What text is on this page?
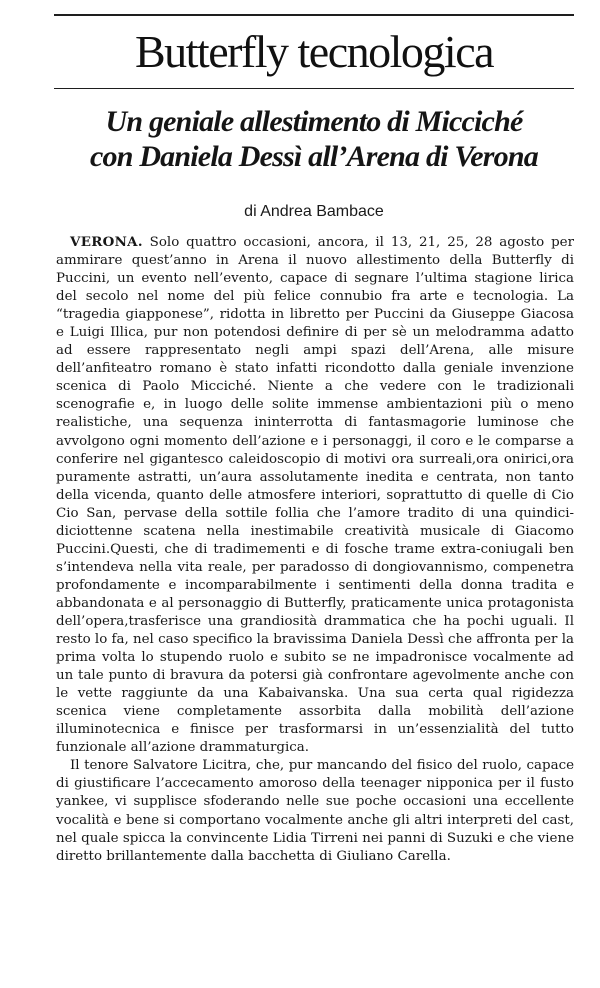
Butterfly tecnologica
Un geniale allestimento di Micciché
con Daniela Dessì all’Arena di Verona
di Andrea Bambace

VERONA. Solo quattro occasioni, ancora, il 13, 21, 25, 28 agosto per ammirare quest’anno in Arena il nuovo allestimento della Butterfly di Puccini, un evento nell’evento, capace di segnare l’ultima stagione lirica del secolo nel nome del più felice connubio fra arte e tecnologia. La “tragedia giapponese”, ridotta in libretto per Puccini da Giuseppe Giacosa e Luigi Illica, pur non potendosi definire di per sè un melodramma adatto ad essere rappresentato negli ampi spazi dell’Arena, alle misure dell’anfiteatro romano è stato infatti ricondotto dalla geniale invenzione scenica di Paolo Micciché. Niente a che vedere con le tradizionali scenografie e, in luogo delle solite immense ambientazioni più o meno realistiche, una sequenza ininterrotta di fantasmagorie luminose che avvolgono ogni momento dell’azione e i personaggi, il coro e le comparse a conferire nel gigantesco caleidoscopio di motivi ora surreali,ora onirici,ora puramente astratti, un’aura assolutamente inedita e centrata, non tanto della vicenda, quanto delle atmosfere interiori, soprattutto di quelle di Cio Cio San, pervase della sottile follia che l’amore tradito di una quindici-diciottenne scatena nella inestimabile creatività musicale di Giacomo Puccini.Questi, che di tradimementi e di fosche trame extra-coniugali ben s’intendeva nella vita reale, per paradosso di dongiovannismo, compenetra profondamente e incomparabilmente i sentimenti della donna tradita e abbandonata e al personaggio di Butterfly, praticamente unica protagonista dell’opera,trasferisce una grandiosità drammatica che ha pochi uguali. Il resto lo fa, nel caso specifico la bravissima Daniela Dessì che affronta per la prima volta lo stupendo ruolo e subito se ne impadronisce vocalmente ad un tale punto di bravura da potersi già confrontare agevolmente anche con le vette raggiunte da una Kabaivanska. Una sua certa qual rigidezza scenica viene completamente assorbita dalla mobilità dell’azione illuminotecnica e finisce per trasformarsi in un’essenzialità del tutto funzionale all’azione drammaturgica.

Il tenore Salvatore Licitra, che, pur mancando del fisico del ruolo, capace di giustificare l’accecamento amoroso della teenager nipponica per il fusto yankee, vi supplisce sfoderando nelle sue poche occasioni una eccellente vocalità e bene si comportano vocalmente anche gli altri interpreti del cast, nel quale spicca la convincente Lidia Tirreni nei panni di Suzuki e che viene diretto brillantemente dalla bacchetta di Giuliano Carella.
